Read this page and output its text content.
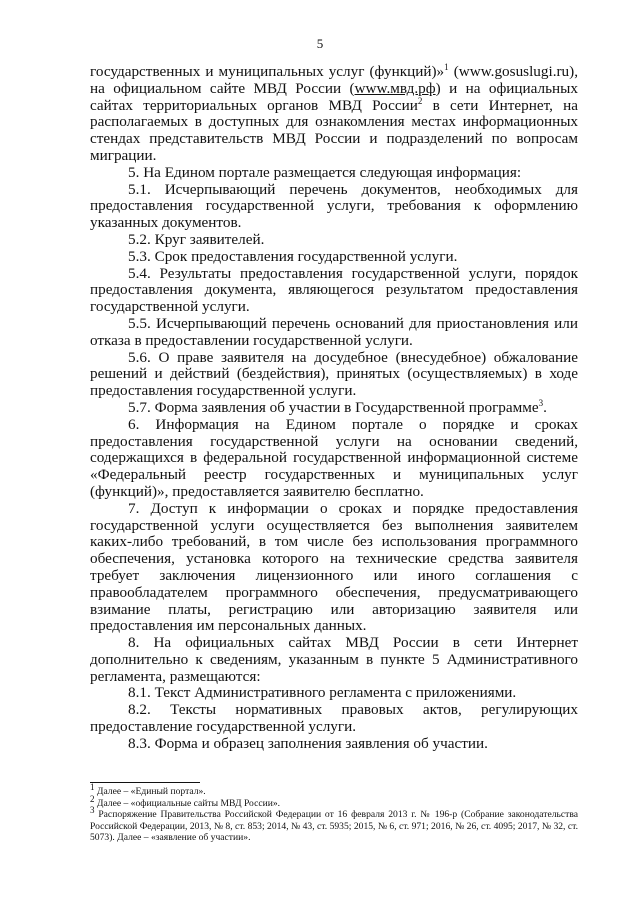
5

государственных и муниципальных услуг (функций)»$^1$ (www.gosuslugi.ru), на официальном сайте МВД России (www.мвд.рф) и на официальных сайтах территориальных органов МВД России$^2$ в сети Интернет, на располагаемых в доступных для ознакомления местах информационных стендах представительств МВД России и подразделений по вопросам миграции.

5. На Едином портале размещается следующая информация:

5.1. Исчерпывающий перечень документов, необходимых для предоставления государственной услуги, требования к оформлению указанных документов.

5.2. Круг заявителей.

5.3. Срок предоставления государственной услуги.

5.4. Результаты предоставления государственной услуги, порядок предоставления документа, являющегося результатом предоставления государственной услуги.

5.5. Исчерпывающий перечень оснований для приостановления или отказа в предоставлении государственной услуги.

5.6. О праве заявителя на досудебное (внесудебное) обжалование решений и действий (бездействия), принятых (осуществляемых) в ходе предоставления государственной услуги.

5.7. Форма заявления об участии в Государственной программе$^3$.

6. Информация на Едином портале о порядке и сроках предоставления государственной услуги на основании сведений, содержащихся в федеральной государственной информационной системе «Федеральный реестр государственных и муниципальных услуг (функций)», предоставляется заявителю бесплатно.

7. Доступ к информации о сроках и порядке предоставления государственной услуги осуществляется без выполнения заявителем каких-либо требований, в том числе без использования программного обеспечения, установка которого на технические средства заявителя требует заключения лицензионного или иного соглашения с правообладателем программного обеспечения, предусматривающего взимание платы, регистрацию или авторизацию заявителя или предоставления им персональных данных.

8. На официальных сайтах МВД России в сети Интернет дополнительно к сведениям, указанным в пункте 5 Административного регламента, размещаются:

8.1. Текст Административного регламента с приложениями.

8.2. Тексты нормативных правовых актов, регулирующих предоставление государственной услуги.

8.3. Форма и образец заполнения заявления об участии.

$^1$ Далее – «Единый портал».

$^2$ Далее – «официальные сайты МВД России».

$^3$ Распоряжение Правительства Российской Федерации от 16 февраля 2013 г. № 196-р (Собрание законодательства Российской Федерации, 2013, № 8, ст. 853; 2014, № 43, ст. 5935; 2015, № 6, ст. 971; 2016, № 26, ст. 4095; 2017, № 32, ст. 5073). Далее – «заявление об участии».
